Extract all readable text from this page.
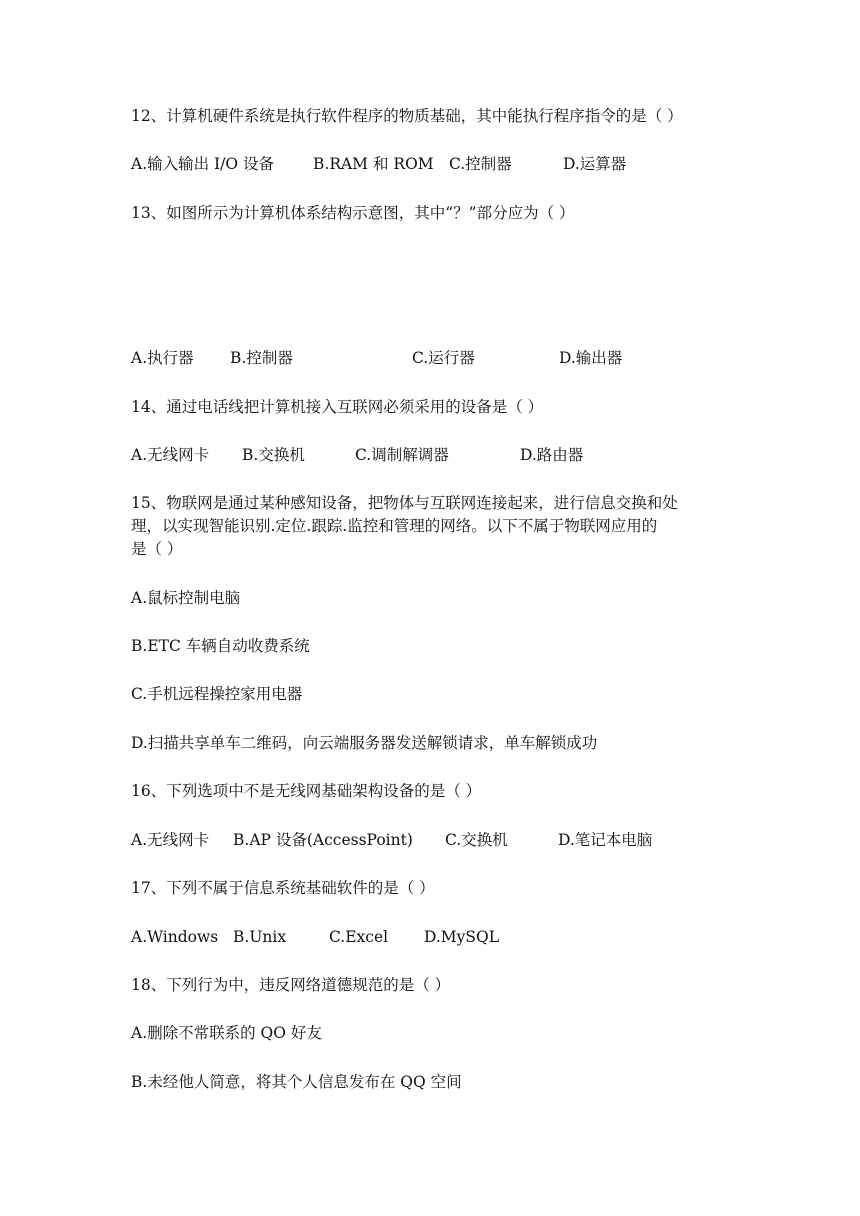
12、计算机硬件系统是执行软件程序的物质基础，其中能执行程序指令的是（ ）

A.输入输出 I/O 设备

	B.RAM 和 ROM

C.控制器

	D.运算器

13、如图所示为计算机体系结构示意图，其中“？”部分应为（ ）

A.执行器

B.控制器

	C.运行器

	D.输出器

14、通过电话线把计算机接入互联网必须采用的设备是（ ）

A.无线网卡

B.交换机

	C.调制解调器

	D.路由器

15、物联网是通过某种感知设备，把物体与互联网连接起来，进行信息交换和处
理，以实现智能识别.定位.跟踪.监控和管理的网络。以下不属于物联网应用的
是（ ）
A.鼠标控制电脑
B.ETC 车辆自动收费系统
C.手机远程操控家用电器
D.扫描共享单车二维码，向云端服务器发送解锁请求，单车解锁成功
16、下列选项中不是无线网基础架构设备的是（ ）

A.无线网卡

B.AP 设备(AccessPoint)

C.交换机

	D.笔记本电脑

17、下列不属于信息系统基础软件的是（ ）

A.Windows

B.Unix

	C.Excel

D.MySQL

18、下列行为中，违反网络道德规范的是（ ）
A.删除不常联系的 QO 好友
B.未经他人简意，将其个人信息发布在 QQ 空间
